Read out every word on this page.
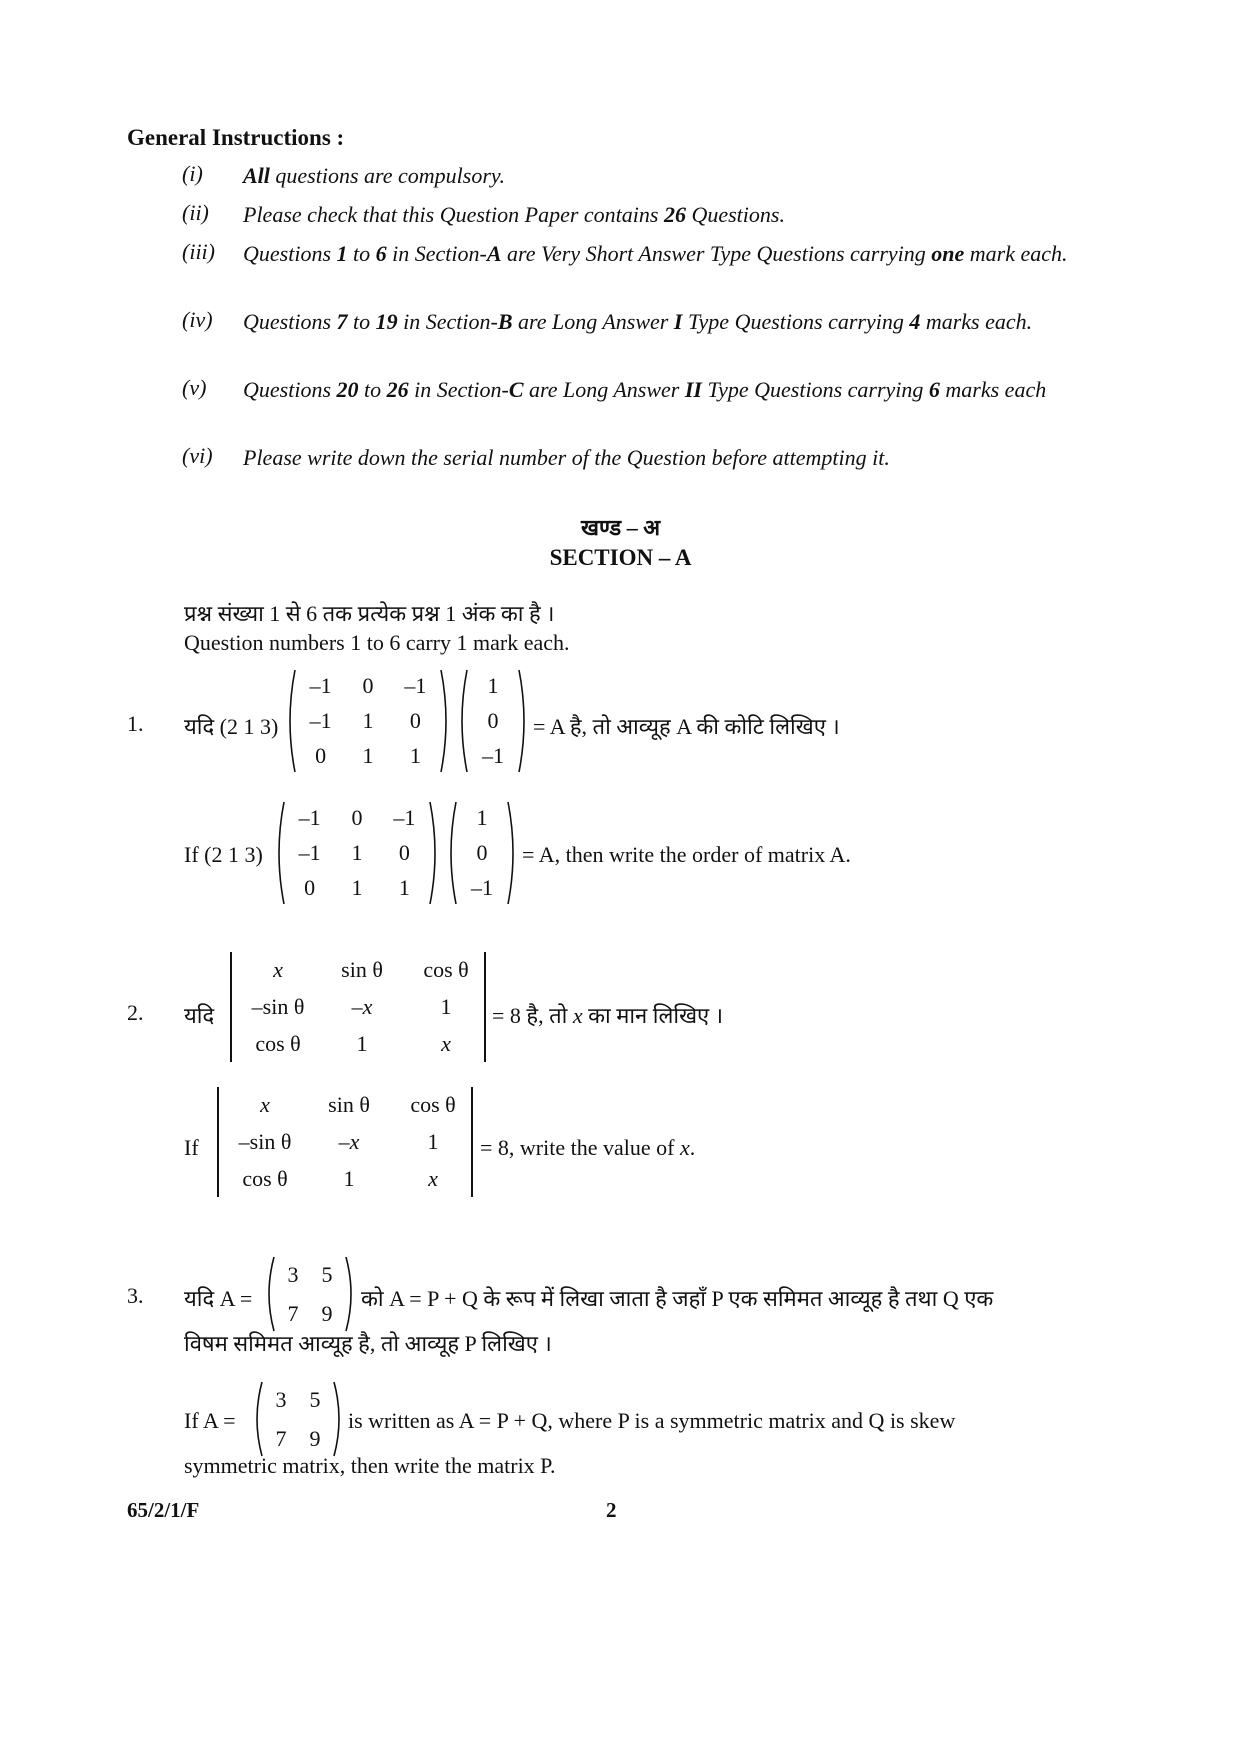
General Instructions :
(i) All questions are compulsory.
(ii) Please check that this Question Paper contains 26 Questions.
(iii) Questions 1 to 6 in Section-A are Very Short Answer Type Questions carrying one mark each.
(iv) Questions 7 to 19 in Section-B are Long Answer I Type Questions carrying 4 marks each.
(v) Questions 20 to 26 in Section-C are Long Answer II Type Questions carrying 6 marks each
(vi) Please write down the serial number of the Question before attempting it.
खण्ड – अ
SECTION – A
प्रश्न संख्या 1 से 6 तक प्रत्येक प्रश्न 1 अंक का है ।
Question numbers 1 to 6 carry 1 mark each.
1. यदि (2 1 3)
–1	0	–1
–1	1	0
0	1	1
1
0
–1
= A है, तो आव्यूह A की कोटि लिखिए ।
If (2 1 3)
–1	0	–1
–1	1	0
0	1	1
1
0
–1
= A, then write the order of matrix A.
2. यदि
x	sin θ	cos θ
–sin θ	–x	1
cos θ	1	x
= 8 है, तो x का मान लिखिए ।
If
x	sin θ	cos θ
–sin θ	–x	1
cos θ	1	x
= 8, write the value of x.
3. यदि A =
3	5
7	9
को A = P + Q के रूप में लिखा जाता है जहाँ P एक समिमत आव्यूह है तथा Q एक
विषम समिमत आव्यूह है, तो आव्यूह P लिखिए ।
If A =
3	5
7	9
is written as A = P + Q, where P is a symmetric matrix and Q is skew
symmetric matrix, then write the matrix P.
65/2/1/F	2
